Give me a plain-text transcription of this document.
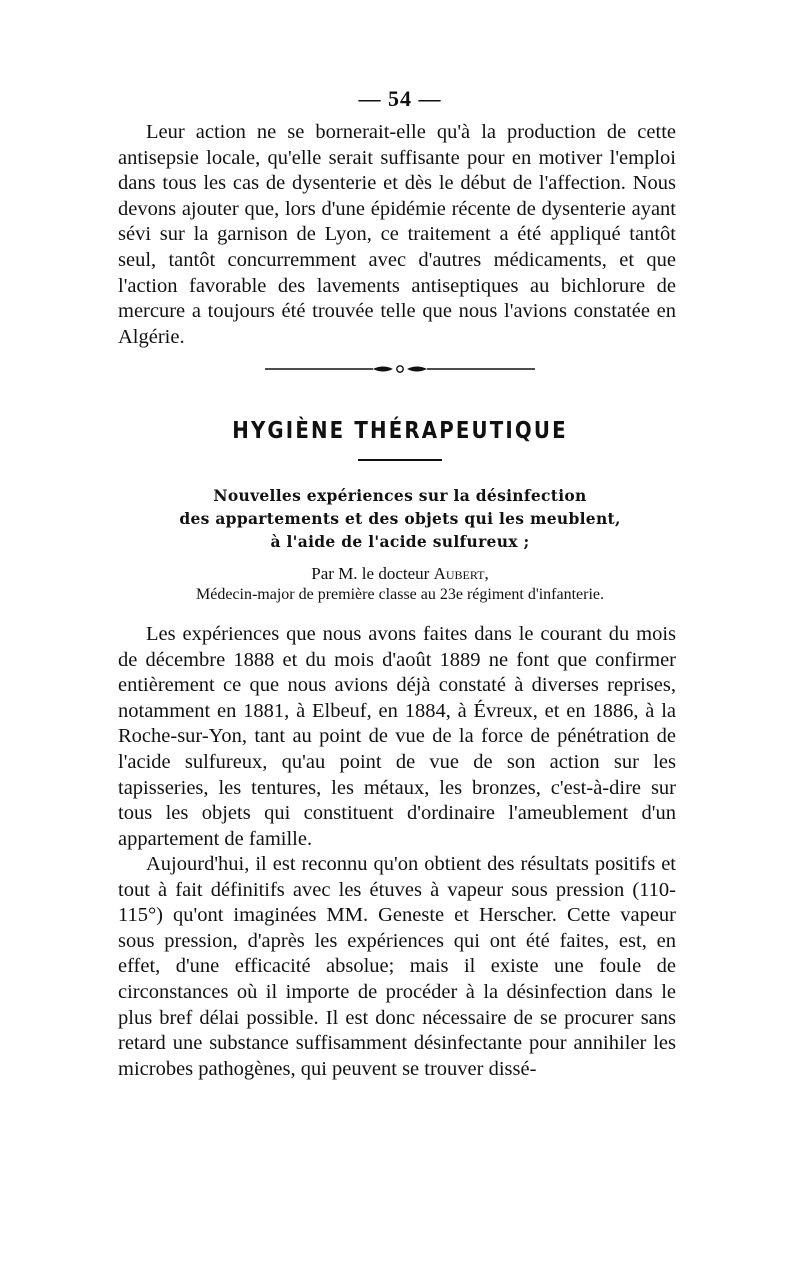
— 54 —

Leur action ne se bornerait-elle qu'à la production de cette antisepsie locale, qu'elle serait suffisante pour en motiver l'emploi dans tous les cas de dysenterie et dès le début de l'affection. Nous devons ajouter que, lors d'une épidémie récente de dysenterie ayant sévi sur la garnison de Lyon, ce traitement a été appliqué tantôt seul, tantôt concurremment avec d'autres médicaments, et que l'action favorable des lavements antiseptiques au bichlorure de mercure a toujours été trouvée telle que nous l'avions constatée en Algérie.

HYGIÈNE THÉRAPEUTIQUE
Nouvelles expériences sur la désinfection
des appartements et des objets qui les meublent,
à l'aide de l'acide sulfureux ;
Par M. le docteur Aubert,
Médecin-major de première classe au 23e régiment d'infanterie.

Les expériences que nous avons faites dans le courant du mois de décembre 1888 et du mois d'août 1889 ne font que confirmer entièrement ce que nous avions déjà constaté à diverses reprises, notamment en 1881, à Elbeuf, en 1884, à Évreux, et en 1886, à la Roche-sur-Yon, tant au point de vue de la force de pénétration de l'acide sulfureux, qu'au point de vue de son action sur les tapisseries, les tentures, les métaux, les bronzes, c'est-à-dire sur tous les objets qui constituent d'ordinaire l'ameublement d'un appartement de famille.

Aujourd'hui, il est reconnu qu'on obtient des résultats positifs et tout à fait définitifs avec les étuves à vapeur sous pression (110-115°) qu'ont imaginées MM. Geneste et Herscher. Cette vapeur sous pression, d'après les expériences qui ont été faites, est, en effet, d'une efficacité absolue; mais il existe une foule de circonstances où il importe de procéder à la désinfection dans le plus bref délai possible. Il est donc nécessaire de se procurer sans retard une substance suffisamment désinfectante pour annihiler les microbes pathogènes, qui peuvent se trouver dissé-
